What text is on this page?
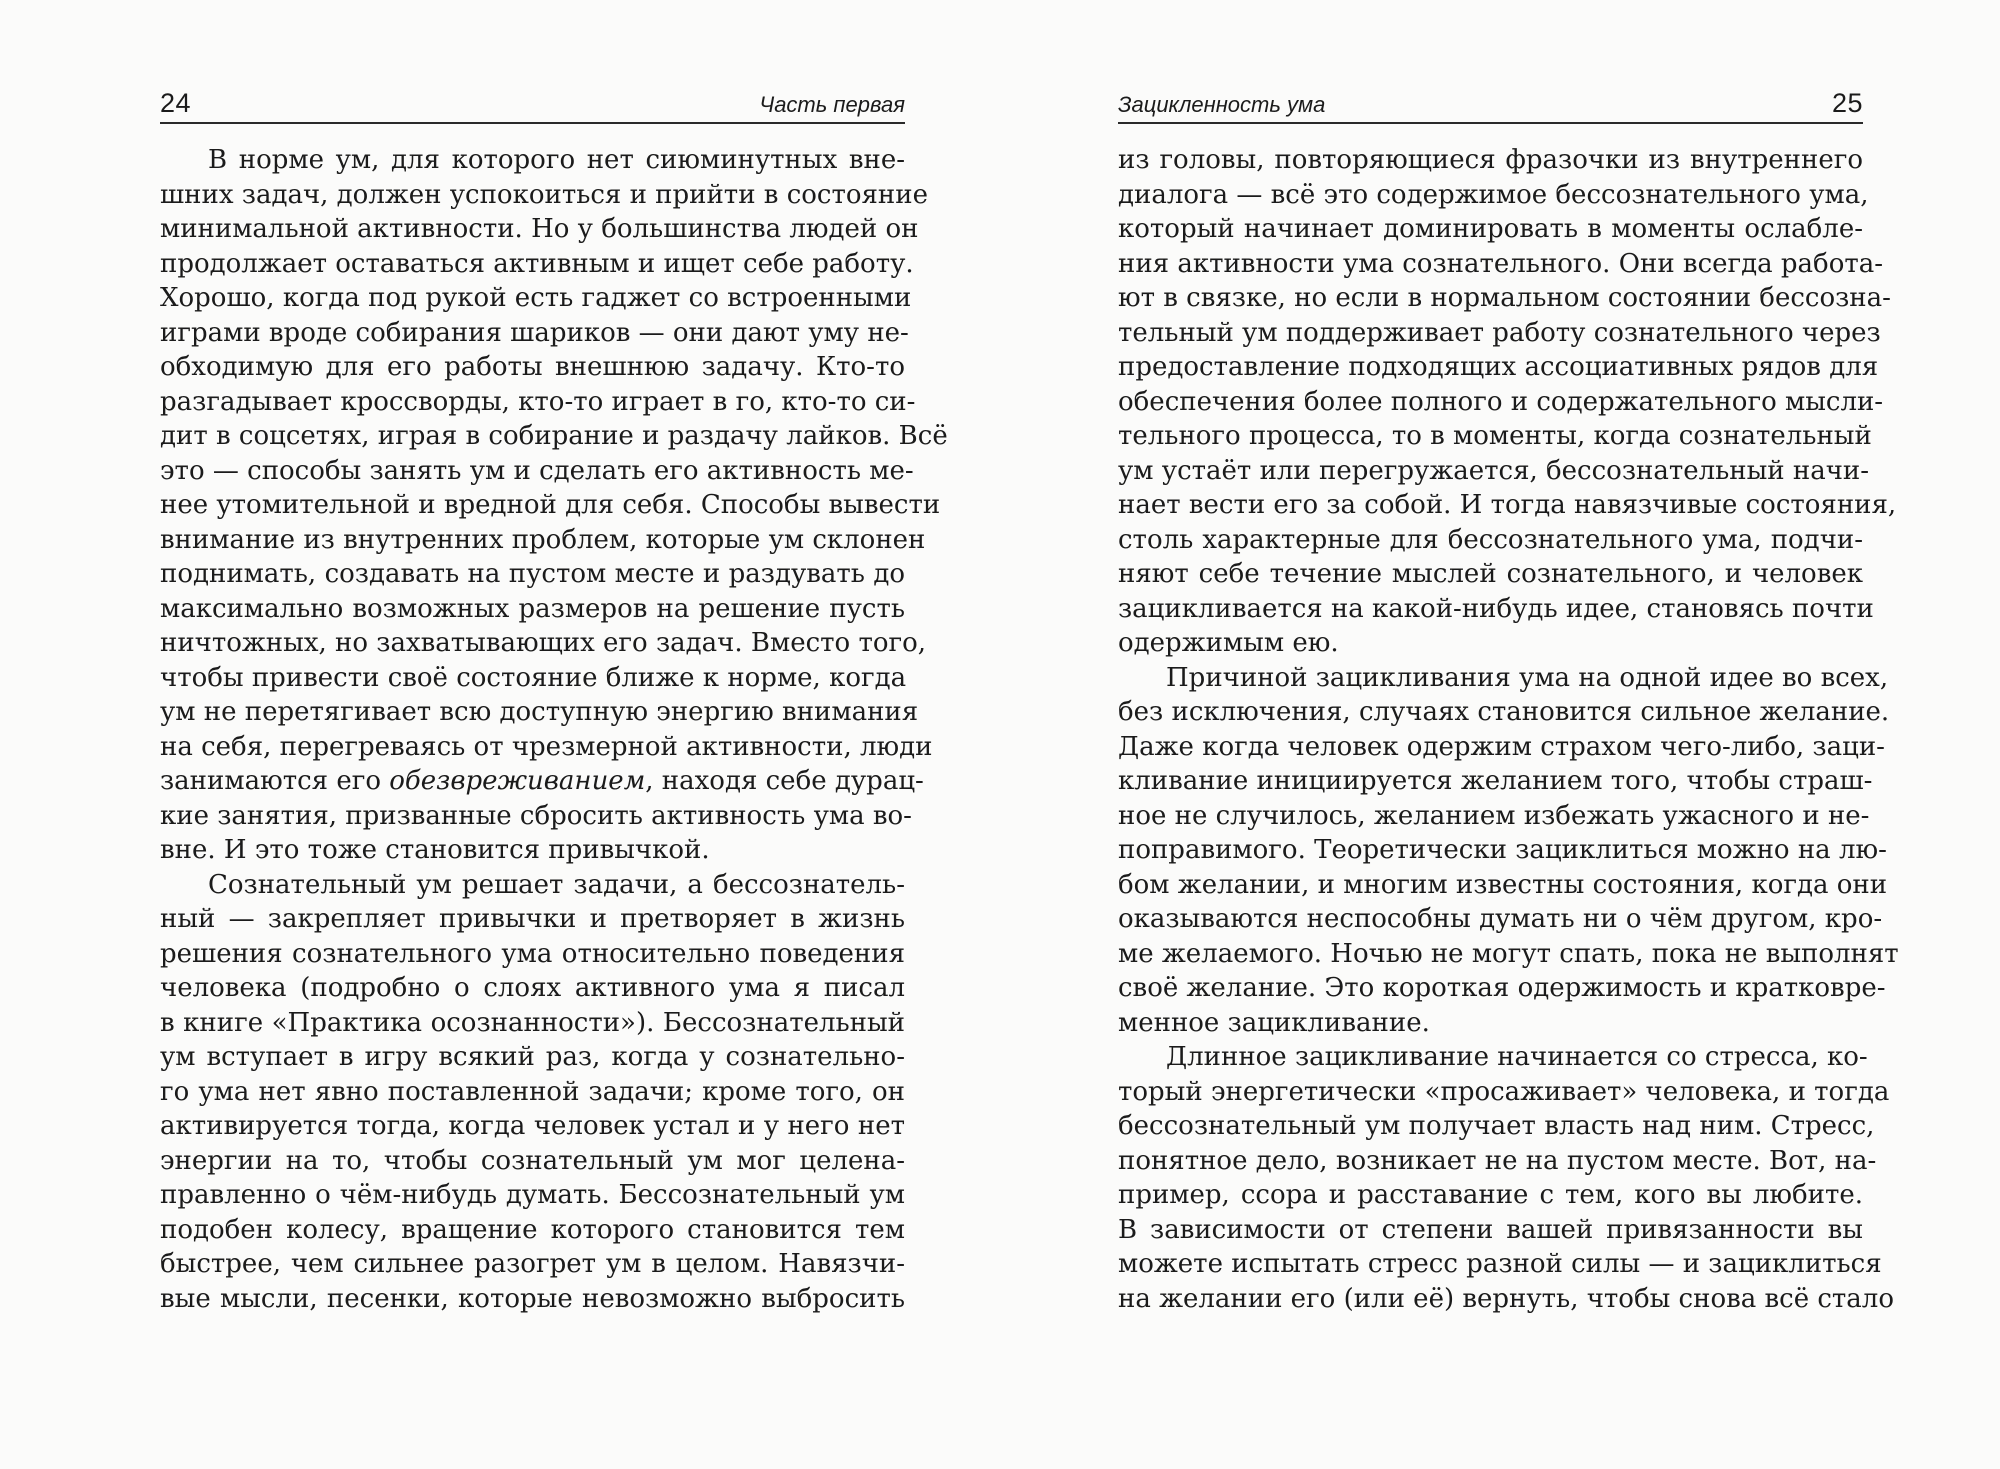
24	Часть первая
В норме ум, для которого нет сиюминутных вне-
шних задач, должен успокоиться и прийти в состояние
минимальной активности. Но у большинства людей он
продолжает оставаться активным и ищет себе работу.
Хорошо, когда под рукой есть гаджет со встроенными
играми вроде собирания шариков — они дают уму не-
обходимую для его работы внешнюю задачу. Кто-то
разгадывает кроссворды, кто-то играет в го, кто-то си-
дит в соцсетях, играя в собирание и раздачу лайков. Всё
это — способы занять ум и сделать его активность ме-
нее утомительной и вредной для себя. Способы вывести
внимание из внутренних проблем, которые ум склонен
поднимать, создавать на пустом месте и раздувать до
максимально возможных размеров на решение пусть
ничтожных, но захватывающих его задач. Вместо того,
чтобы привести своё состояние ближе к норме, когда
ум не перетягивает всю доступную энергию внимания
на себя, перегреваясь от чрезмерной активности, люди
занимаются его обезвреживанием, находя себе дурац-
кие занятия, призванные сбросить активность ума во-
вне. И это тоже становится привычкой.
Сознательный ум решает задачи, а бессознатель-
ный — закрепляет привычки и претворяет в жизнь
решения сознательного ума относительно поведения
человека (подробно о слоях активного ума я писал
в книге «Практика осознанности»). Бессознательный
ум вступает в игру всякий раз, когда у сознательно-
го ума нет явно поставленной задачи; кроме того, он
активируется тогда, когда человек устал и у него нет
энергии на то, чтобы сознательный ум мог целена-
правленно о чём-нибудь думать. Бессознательный ум
подобен колесу, вращение которого становится тем
быстрее, чем сильнее разогрет ум в целом. Навязчи-
вые мысли, песенки, которые невозможно выбросить
Зацикленность ума	25
из головы, повторяющиеся фразочки из внутреннего
диалога — всё это содержимое бессознательного ума,
который начинает доминировать в моменты ослабле-
ния активности ума сознательного. Они всегда работа-
ют в связке, но если в нормальном состоянии бессозна-
тельный ум поддерживает работу сознательного через
предоставление подходящих ассоциативных рядов для
обеспечения более полного и содержательного мысли-
тельного процесса, то в моменты, когда сознательный
ум устаёт или перегружается, бессознательный начи-
нает вести его за собой. И тогда навязчивые состояния,
столь характерные для бессознательного ума, подчи-
няют себе течение мыслей сознательного, и человек
зацикливается на какой-нибудь идее, становясь почти
одержимым ею.
Причиной зацикливания ума на одной идее во всех,
без исключения, случаях становится сильное желание.
Даже когда человек одержим страхом чего-либо, заци-
кливание инициируется желанием того, чтобы страш-
ное не случилось, желанием избежать ужасного и не-
поправимого. Теоретически зациклиться можно на лю-
бом желании, и многим известны состояния, когда они
оказываются неспособны думать ни о чём другом, кро-
ме желаемого. Ночью не могут спать, пока не выполнят
своё желание. Это короткая одержимость и кратковре-
менное зацикливание.
Длинное зацикливание начинается со стресса, ко-
торый энергетически «просаживает» человека, и тогда
бессознательный ум получает власть над ним. Стресс,
понятное дело, возникает не на пустом месте. Вот, на-
пример, ссора и расставание с тем, кого вы любите.
В зависимости от степени вашей привязанности вы
можете испытать стресс разной силы — и зациклиться
на желании его (или её) вернуть, чтобы снова всё стало
